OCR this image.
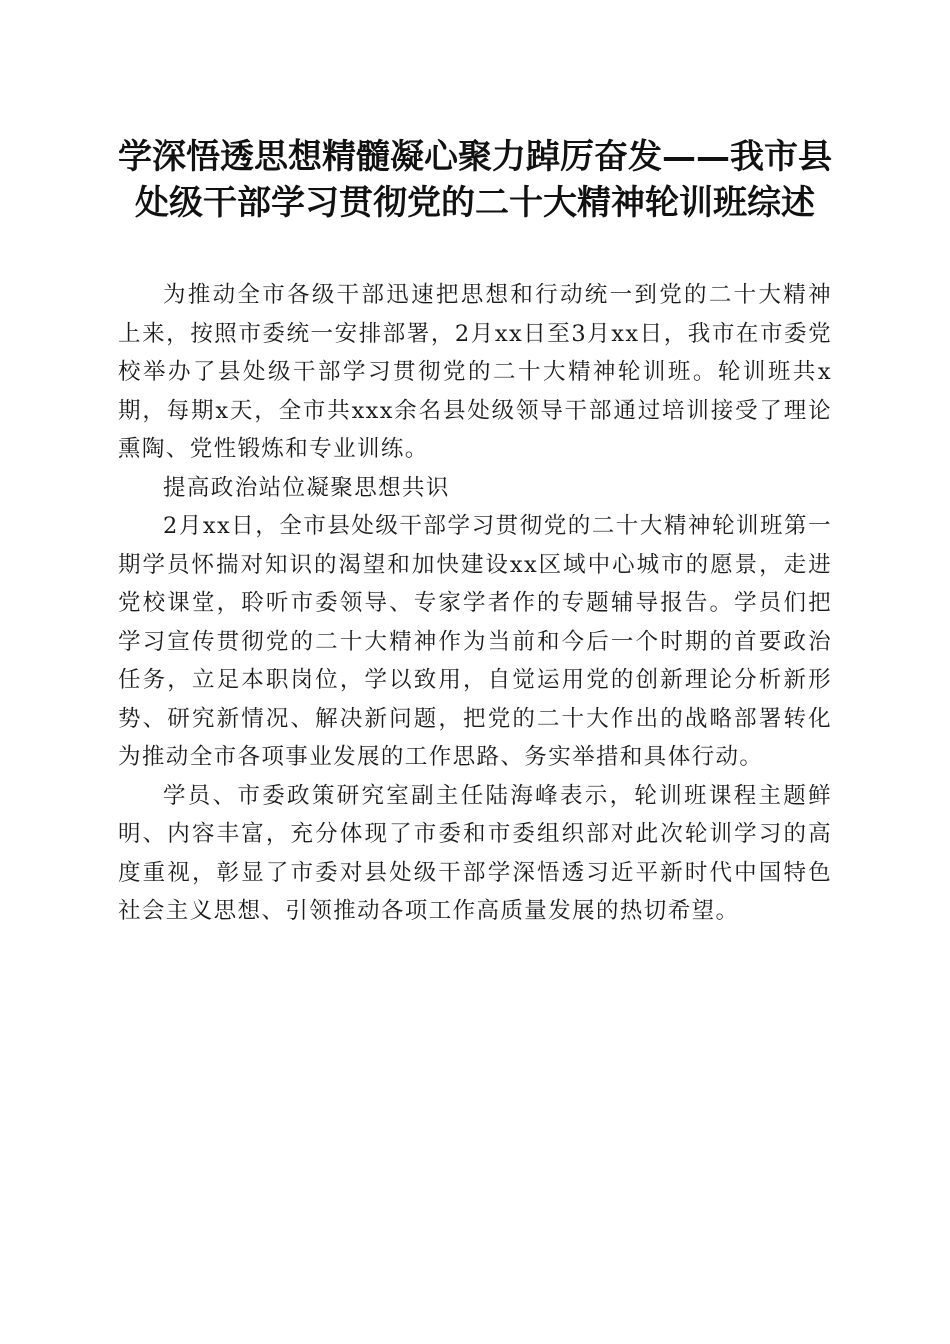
学深悟透思想精髓凝心聚力踔厉奋发——我市县处级干部学习贯彻党的二十大精神轮训班综述

为推动全市各级干部迅速把思想和行动统一到党的二十大精神上来，按照市委统一安排部署，2月xx日至3月xx日，我市在市委党校举办了县处级干部学习贯彻党的二十大精神轮训班。轮训班共x期，每期x天，全市共xxx余名县处级领导干部通过培训接受了理论熏陶、党性锻炼和专业训练。

提高政治站位凝聚思想共识

2月xx日，全市县处级干部学习贯彻党的二十大精神轮训班第一期学员怀揣对知识的渴望和加快建设xx区域中心城市的愿景，走进党校课堂，聆听市委领导、专家学者作的专题辅导报告。学员们把学习宣传贯彻党的二十大精神作为当前和今后一个时期的首要政治任务，立足本职岗位，学以致用，自觉运用党的创新理论分析新形势、研究新情况、解决新问题，把党的二十大作出的战略部署转化为推动全市各项事业发展的工作思路、务实举措和具体行动。

学员、市委政策研究室副主任陆海峰表示，轮训班课程主题鲜明、内容丰富，充分体现了市委和市委组织部对此次轮训学习的高度重视，彰显了市委对县处级干部学深悟透习近平新时代中国特色社会主义思想、引领推动各项工作高质量发展的热切希望。
